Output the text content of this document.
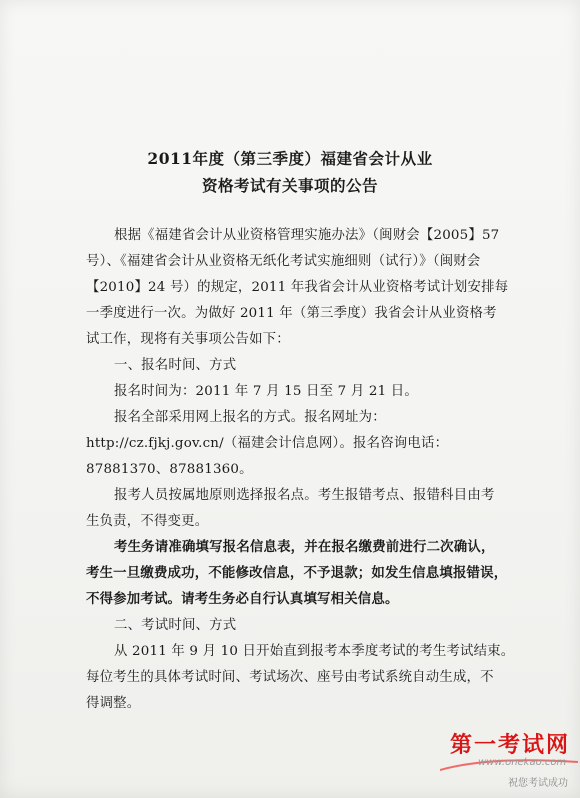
2011年度（第三季度）福建省会计从业
资格考试有关事项的公告
根据《福建省会计从业资格管理实施办法》（闽财会【2005】57
号）、《福建省会计从业资格无纸化考试实施细则（试行）》（闽财会
【2010】24 号）的规定，2011 年我省会计从业资格考试计划安排每
一季度进行一次。为做好 2011 年（第三季度）我省会计从业资格考
试工作，现将有关事项公告如下：
一、报名时间、方式
报名时间为：2011 年 7 月 15 日至 7 月 21 日。
报名全部采用网上报名的方式。报名网址为：
http://cz.fjkj.gov.cn/（福建会计信息网）。报名咨询电话：
87881370、87881360。
报考人员按属地原则选择报名点。考生报错考点、报错科目由考
生负责，不得变更。
考生务请准确填写报名信息表，并在报名缴费前进行二次确认，
考生一旦缴费成功，不能修改信息，不予退款；如发生信息填报错误，
不得参加考试。请考生务必自行认真填写相关信息。
二、考试时间、方式
从 2011 年 9 月 10 日开始直到报考本季度考试的考生考试结束。
每位考生的具体考试时间、考试场次、座号由考试系统自动生成，不
得调整。
第一考试网
www.onekao.com
祝您考试成功
